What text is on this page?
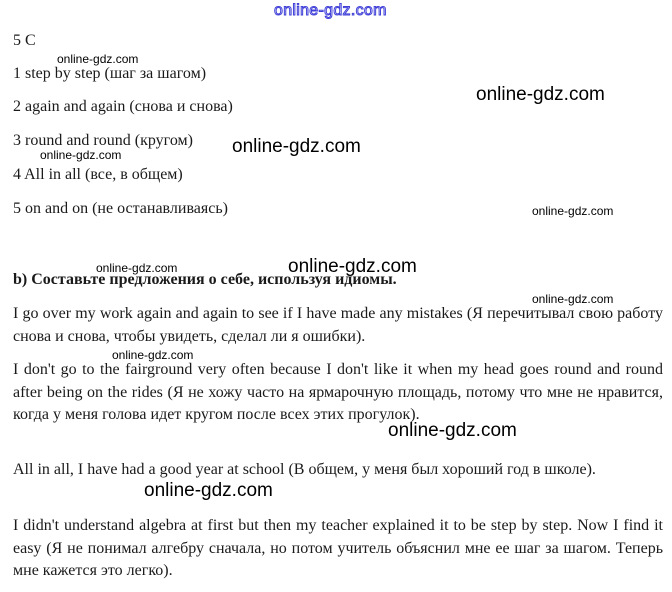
online-gdz.com
5 C
1 step by step (шаг за шагом)
2 again and again (снова и снова)
3 round and round (кругом)
4 All in all (все, в общем)
5 on and on (не останавливаясь)
b) Составьте предложения о себе, используя идиомы.
I go over my work again and again to see if I have made any mistakes (Я перечитывал свою работу снова и снова, чтобы увидеть, сделал ли я ошибки).
I don't go to the fairground very often because I don't like it when my head goes round and round after being on the rides (Я не хожу часто на ярмарочную площадь, потому что мне не нравится, когда у меня голова идет кругом после всех этих прогулок).
All in all, I have had a good year at school (В общем, у меня был хороший год в школе).
I didn't understand algebra at first but then my teacher explained it to be step by step. Now I find it easy (Я не понимал алгебру сначала, но потом учитель объяснил мне ее шаг за шагом. Теперь мне кажется это легко).
online-gdz.com
online-gdz.com
online-gdz.com
online-gdz.com
online-gdz.com
online-gdz.com	online-gdz.com
online-gdz.com
online-gdz.com
online-gdz.com
online-gdz.com
